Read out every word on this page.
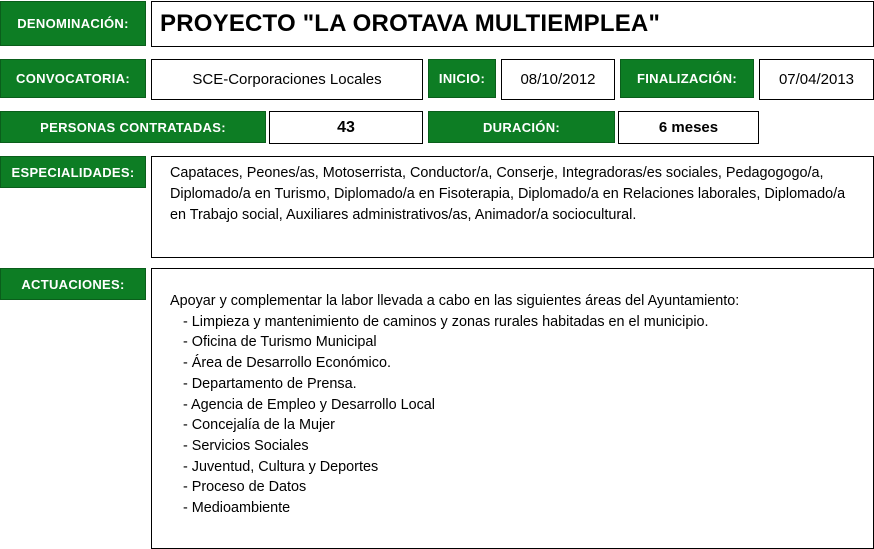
DENOMINACIÓN:	PROYECTO "LA OROTAVA MULTIEMPLEA"
CONVOCATORIA:	SCE-Corporaciones Locales	INICIO:	08/10/2012	FINALIZACIÓN:	07/04/2013
PERSONAS CONTRATADAS:	43	DURACIÓN:	6 meses
ESPECIALIDADES:	Capataces, Peones/as, Motoserrista, Conductor/a, Conserje, Integradoras/es sociales, Pedagogogo/a, Diplomado/a en Turismo, Diplomado/a en Fisoterapia, Diplomado/a en Relaciones laborales, Diplomado/a en Trabajo social, Auxiliares administrativos/as, Animador/a sociocultural.
ACTUACIONES:
Apoyar y complementar la labor llevada a cabo en las siguientes áreas del Ayuntamiento:
- Limpieza y mantenimiento de caminos y zonas rurales habitadas en el municipio.
- Oficina de Turismo Municipal
- Área de Desarrollo Económico.
- Departamento de Prensa.
- Agencia de Empleo y Desarrollo Local
- Concejalía de la Mujer
- Servicios Sociales
- Juventud, Cultura y Deportes
- Proceso de Datos
- Medioambiente
